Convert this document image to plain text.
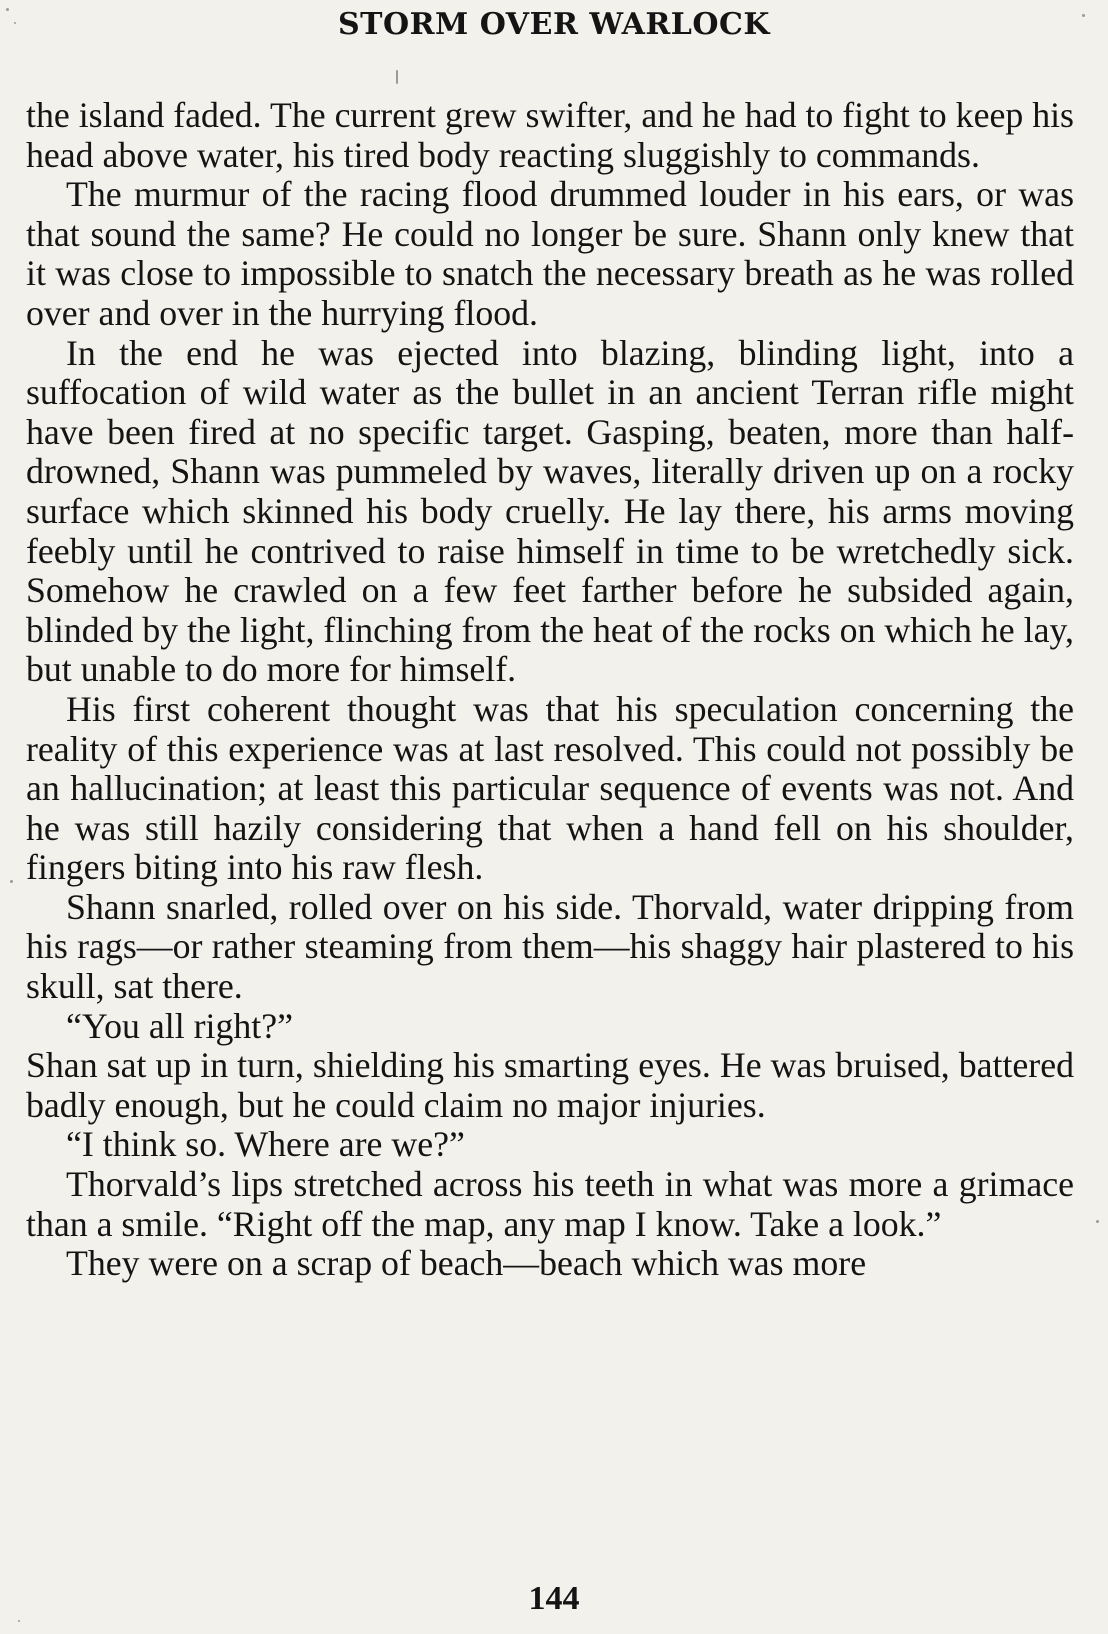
STORM OVER WARLOCK

the island faded. The current grew swifter, and he had to fight to keep his head above water, his tired body reacting sluggishly to commands.

The murmur of the racing flood drummed louder in his ears, or was that sound the same? He could no longer be sure. Shann only knew that it was close to impossible to snatch the necessary breath as he was rolled over and over in the hurrying flood.

In the end he was ejected into blazing, blinding light, into a suffocation of wild water as the bullet in an ancient Terran rifle might have been fired at no specific target. Gasping, beaten, more than half-drowned, Shann was pummeled by waves, literally driven up on a rocky surface which skinned his body cruelly. He lay there, his arms moving feebly until he contrived to raise himself in time to be wretchedly sick. Somehow he crawled on a few feet farther before he subsided again, blinded by the light, flinching from the heat of the rocks on which he lay, but unable to do more for himself.

His first coherent thought was that his speculation concerning the reality of this experience was at last resolved. This could not possibly be an hallucination; at least this particular sequence of events was not. And he was still hazily considering that when a hand fell on his shoulder, fingers biting into his raw flesh.

Shann snarled, rolled over on his side. Thorvald, water dripping from his rags—or rather steaming from them—his shaggy hair plastered to his skull, sat there.

“You all right?”

Shan sat up in turn, shielding his smarting eyes. He was bruised, battered badly enough, but he could claim no major injuries.

“I think so. Where are we?”

Thorvald’s lips stretched across his teeth in what was more a grimace than a smile. “Right off the map, any map I know. Take a look.”

They were on a scrap of beach—beach which was more

144
